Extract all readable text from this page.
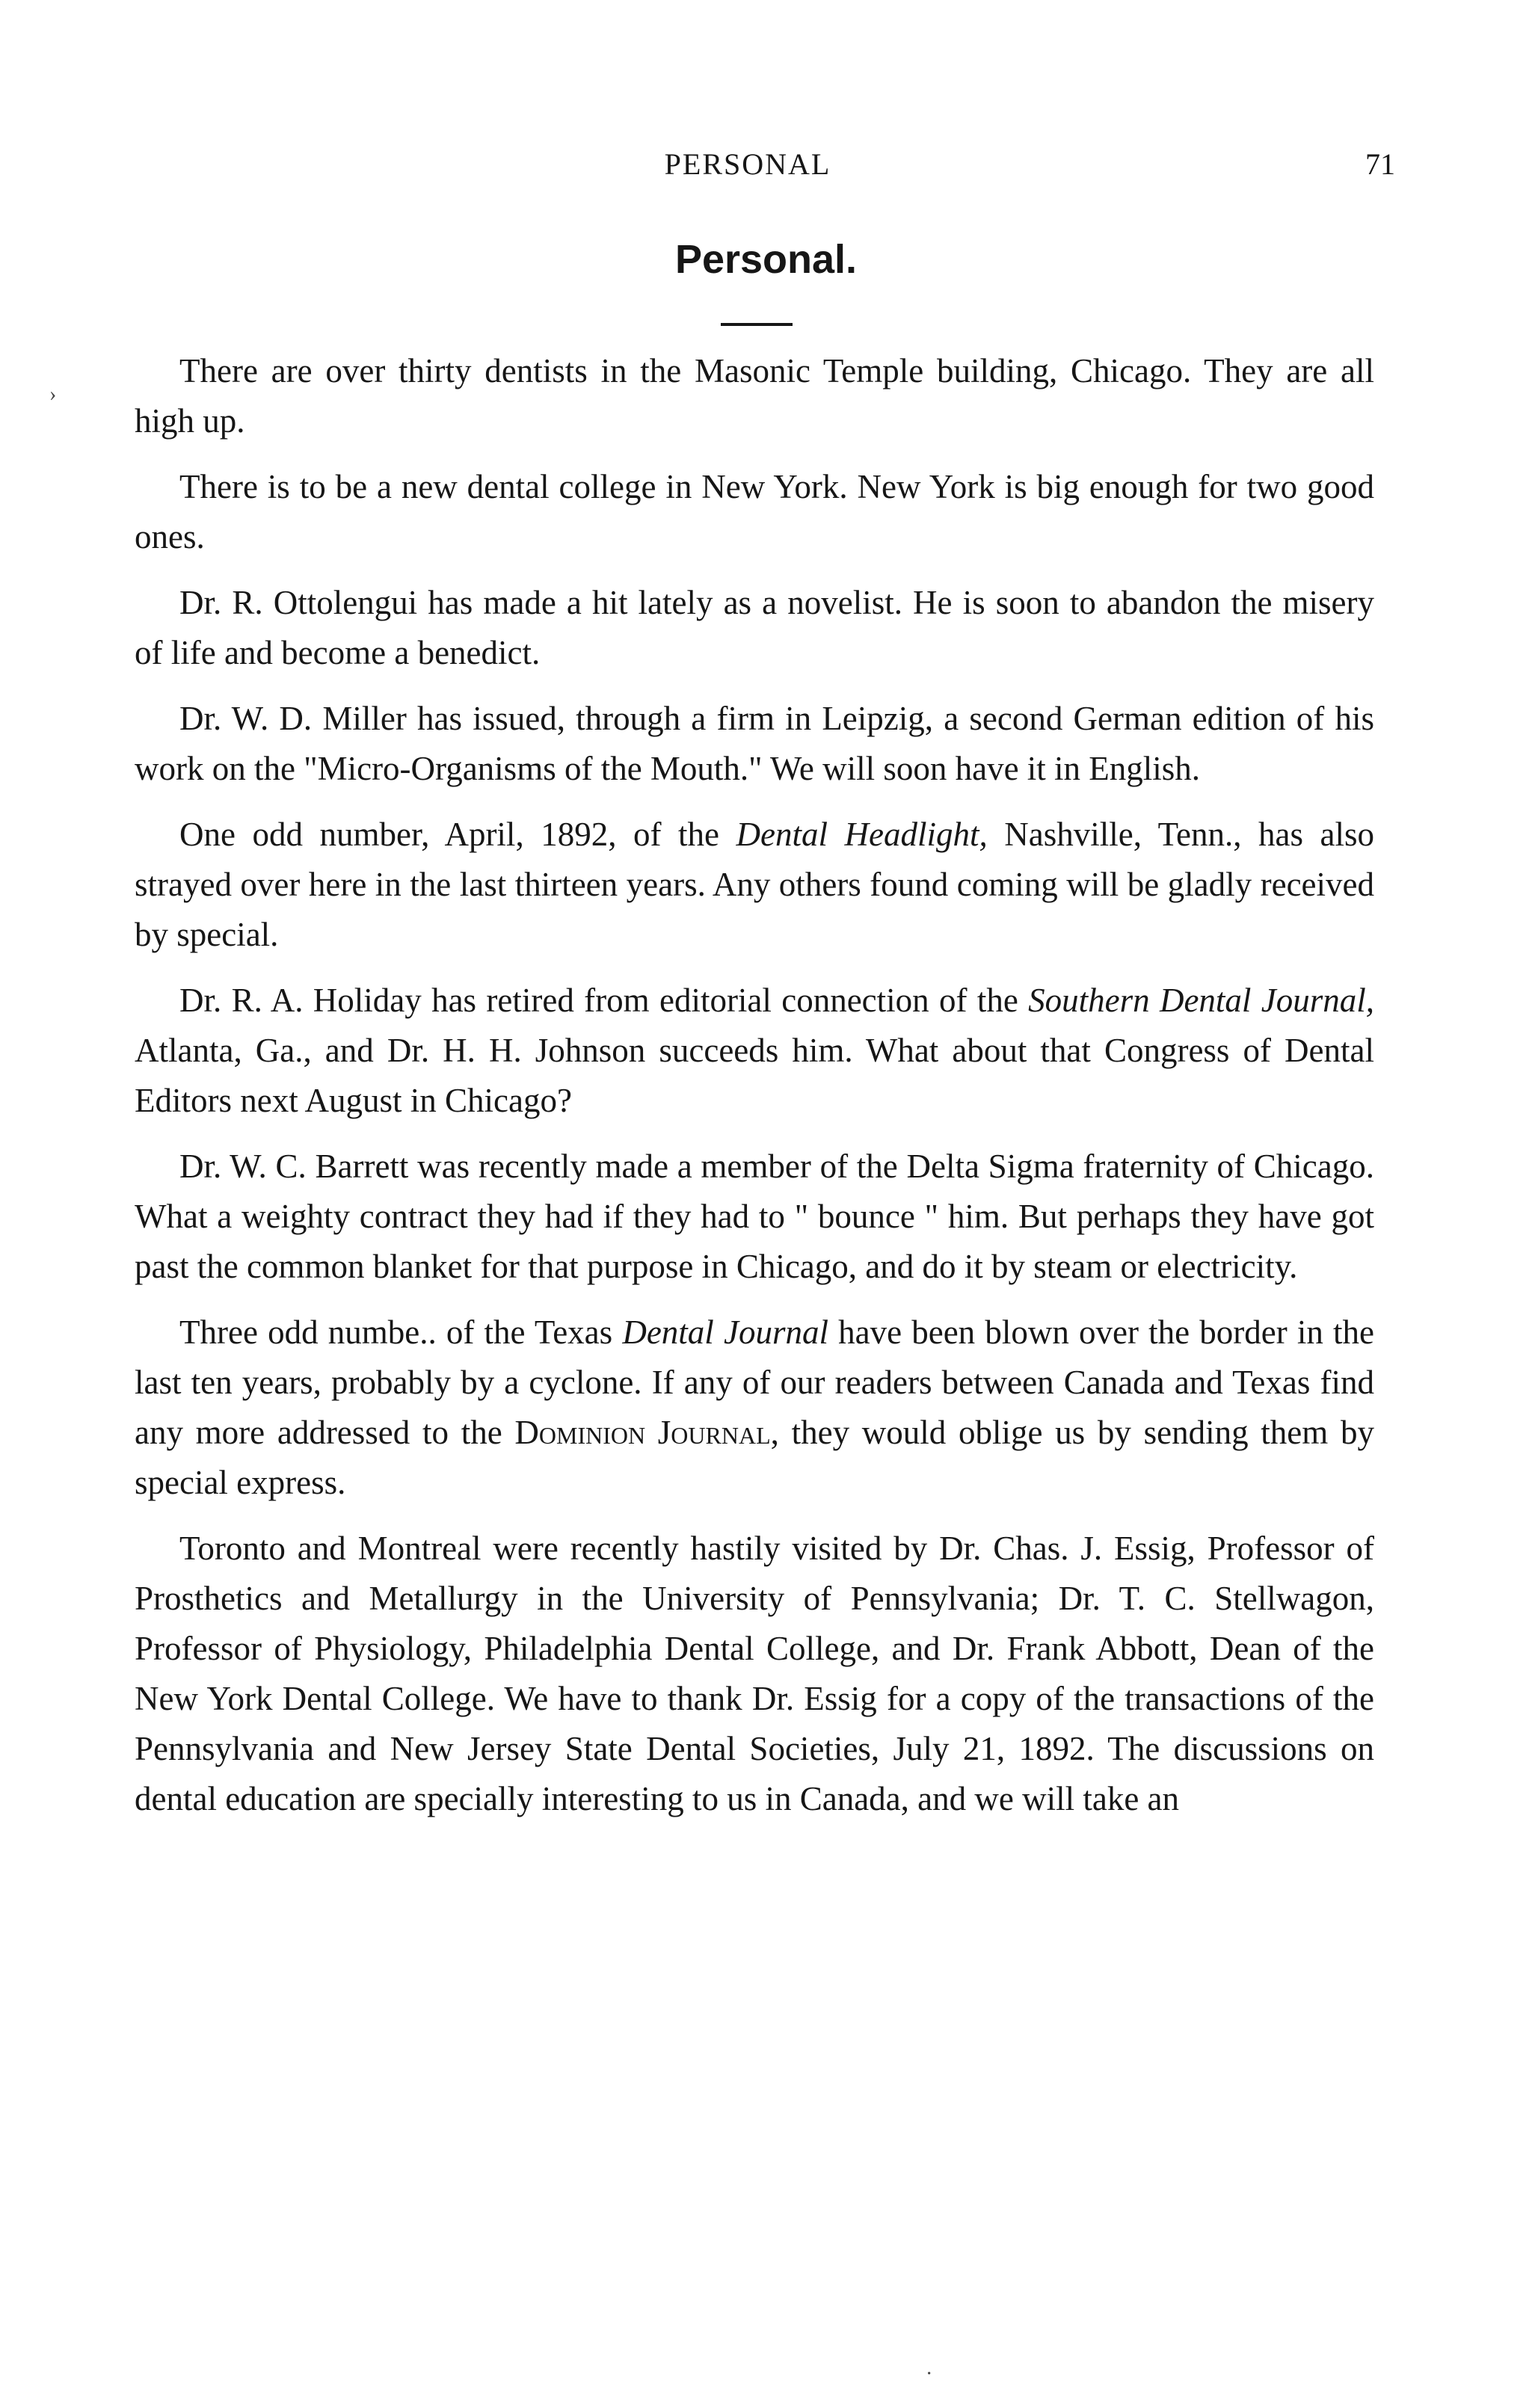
PERSONAL	71
Personal.

There are over thirty dentists in the Masonic Temple building, Chicago. They are all high up.

There is to be a new dental college in New York. New York is big enough for two good ones.

Dr. R. Ottolengui has made a hit lately as a novelist. He is soon to abandon the misery of life and become a benedict.

Dr. W. D. Miller has issued, through a firm in Leipzig, a second German edition of his work on the "Micro-Organisms of the Mouth." We will soon have it in English.

One odd number, April, 1892, of the Dental Headlight, Nashville, Tenn., has also strayed over here in the last thirteen years. Any others found coming will be gladly received by special.

Dr. R. A. Holiday has retired from editorial connection of the Southern Dental Journal, Atlanta, Ga., and Dr. H. H. Johnson succeeds him. What about that Congress of Dental Editors next August in Chicago?

Dr. W. C. Barrett was recently made a member of the Delta Sigma fraternity of Chicago. What a weighty contract they had if they had to " bounce " him. But perhaps they have got past the common blanket for that purpose in Chicago, and do it by steam or electricity.

Three odd numbe.. of the Texas Dental Journal have been blown over the border in the last ten years, probably by a cyclone. If any of our readers between Canada and Texas find any more addressed to the Dominion Journal, they would oblige us by sending them by special express.

Toronto and Montreal were recently hastily visited by Dr. Chas. J. Essig, Professor of Prosthetics and Metallurgy in the University of Pennsylvania; Dr. T. C. Stellwagon, Professor of Physiology, Philadelphia Dental College, and Dr. Frank Abbott, Dean of the New York Dental College. We have to thank Dr. Essig for a copy of the transactions of the Pennsylvania and New Jersey State Dental Societies, July 21, 1892. The discussions on dental education are specially interesting to us in Canada, and we will take an

›
·
